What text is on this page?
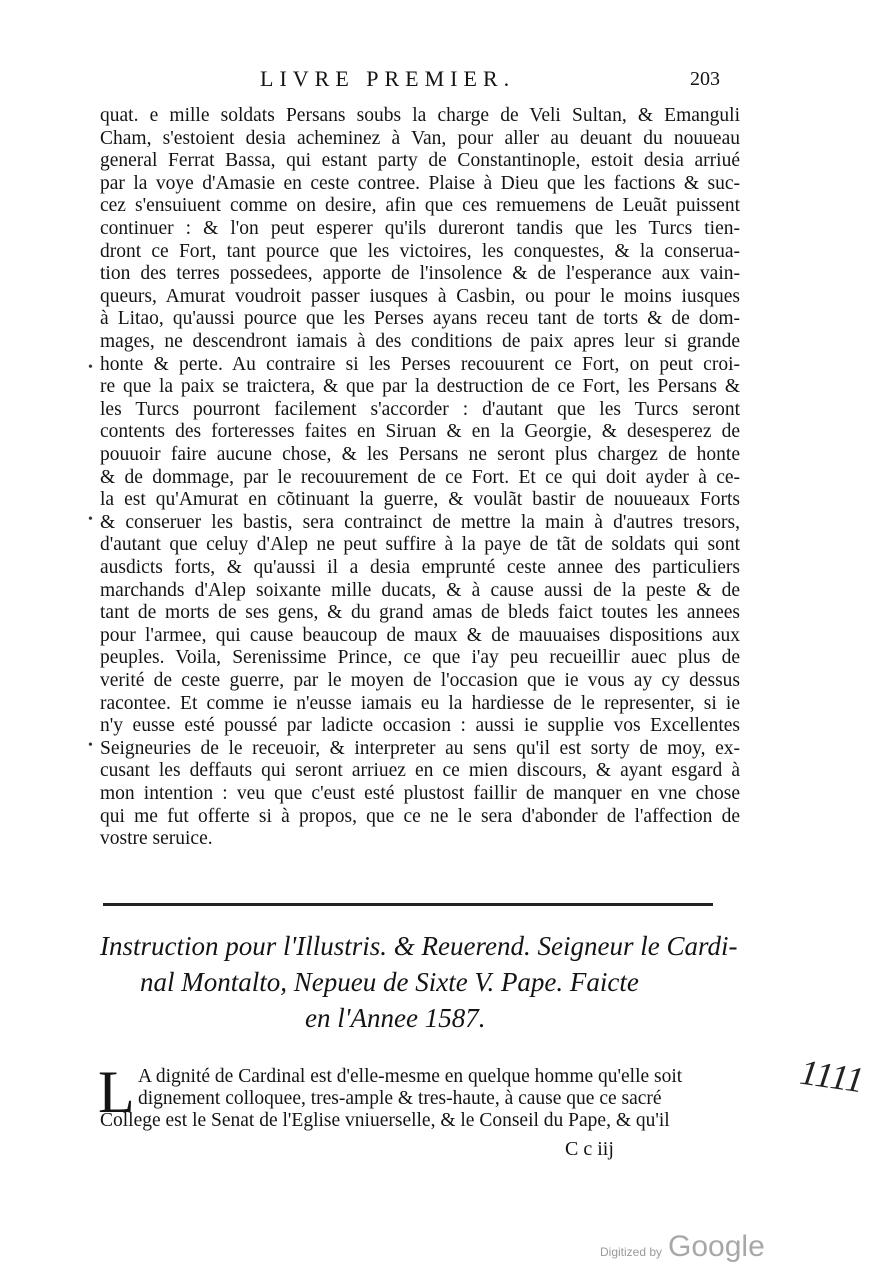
LIVRE PREMIER.	203
quat. e mille soldats Persans soubs la charge de Veli Sultan, & Emanguli
Cham, s'estoient desia acheminez à Van, pour aller au deuant du nouueau
general Ferrat Bassa, qui estant party de Constantinople, estoit desia arriué
par la voye d'Amasie en ceste contree. Plaise à Dieu que les factions & suc-
cez s'ensuiuent comme on desire, afin que ces remuemens de Leuãt puissent
continuer : & l'on peut esperer qu'ils dureront tandis que les Turcs tien-
dront ce Fort, tant pource que les victoires, les conquestes, & la conserua-
tion des terres possedees, apporte de l'insolence & de l'esperance aux vain-
queurs, Amurat voudroit passer iusques à Casbin, ou pour le moins iusques
à Litao, qu'aussi pource que les Perses ayans receu tant de torts & de dom-
mages, ne descendront iamais à des conditions de paix apres leur si grande
honte & perte. Au contraire si les Perses recouurent ce Fort, on peut croi-
re que la paix se traictera, & que par la destruction de ce Fort, les Persans &
les Turcs pourront facilement s'accorder : d'autant que les Turcs seront
contents des forteresses faites en Siruan & en la Georgie, & desesperez de
pouuoir faire aucune chose, & les Persans ne seront plus chargez de honte
& de dommage, par le recouurement de ce Fort. Et ce qui doit ayder à ce-
la est qu'Amurat en cõtinuant la guerre, & voulãt bastir de nouueaux Forts
& conseruer les bastis, sera contrainct de mettre la main à d'autres tresors,
d'autant que celuy d'Alep ne peut suffire à la paye de tãt de soldats qui sont
ausdicts forts, & qu'aussi il a desia emprunté ceste annee des particuliers
marchands d'Alep soixante mille ducats, & à cause aussi de la peste & de
tant de morts de ses gens, & du grand amas de bleds faict toutes les annees
pour l'armee, qui cause beaucoup de maux & de mauuaises dispositions aux
peuples. Voila, Serenissime Prince, ce que i'ay peu recueillir auec plus de
verité de ceste guerre, par le moyen de l'occasion que ie vous ay cy dessus
racontee. Et comme ie n'eusse iamais eu la hardiesse de le representer, si ie
n'y eusse esté poussé par ladicte occasion : aussi ie supplie vos Excellentes
Seigneuries de le receuoir, & interpreter au sens qu'il est sorty de moy, ex-
cusant les deffauts qui seront arriuez en ce mien discours, & ayant esgard à
mon intention : veu que c'eust esté plustost faillir de manquer en vne chose
qui me fut offerte si à propos, que ce ne le sera d'abonder de l'affection de
vostre seruice.
•
•
•
Instruction pour l'Illustris. & Reuerend. Seigneur le Cardi-
nal Montalto, Nepueu de Sixte V. Pape. Faicte
en l'Annee 1587.
L A dignité de Cardinal est d'elle-mesme en quelque homme qu'elle soit
dignement colloquee, tres-ample & tres-haute, à cause que ce sacré
College est le Senat de l'Eglise vniuerselle, & le Conseil du Pape, & qu'il
C c iij
1111
Digitized by Google
